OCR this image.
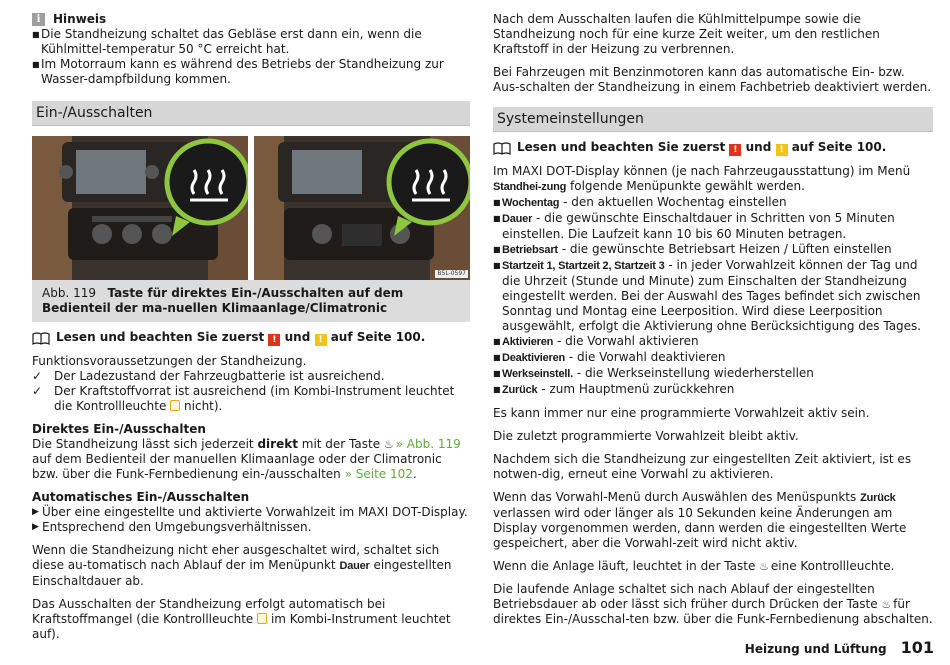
i	Hinweis
■ Die Standheizung schaltet das Gebläse erst dann ein, wenn die Kühlmittel-temperatur 50 °C erreicht hat.
■ Im Motorraum kann es während des Betriebs der Standheizung zur Wasser-dampfbildung kommen.
Ein-/Ausschalten
B5L-0597
Abb. 119 Taste für direktes Ein-/Ausschalten auf dem Bedienteil der ma-nuellen Klimaanlage/Climatronic
Lesen und beachten Sie zuerst ! und ! auf Seite 100.

Funktionsvoraussetzungen der Standheizung.

✓ Der Ladezustand der Fahrzeugbatterie ist ausreichend.
✓ Der Kraftstoffvorrat ist ausreichend (im Kombi-Instrument leuchtet die Kontrollleuchte nicht).
Direktes Ein-/Ausschalten

Die Standheizung lässt sich jederzeit direkt mit der Taste ♨ » Abb. 119 auf dem Bedienteil der manuellen Klimaanlage oder der Climatronic bzw. über die Funk-Fernbedienung ein-/ausschalten » Seite 102.

Automatisches Ein-/Ausschalten
▶ Über eine eingestellte und aktivierte Vorwahlzeit im MAXI DOT-Display.
▶ Entsprechend den Umgebungsverhältnissen.

Wenn die Standheizung nicht eher ausgeschaltet wird, schaltet sich diese au-tomatisch nach Ablauf der im Menüpunkt Dauer eingestellten Einschaltdauer ab.

Das Ausschalten der Standheizung erfolgt automatisch bei Kraftstoffmangel (die Kontrollleuchte im Kombi-Instrument leuchtet auf).

Nach dem Ausschalten laufen die Kühlmittelpumpe sowie die Standheizung noch für eine kurze Zeit weiter, um den restlichen Kraftstoff in der Heizung zu verbrennen.

Bei Fahrzeugen mit Benzinmotoren kann das automatische Ein- bzw. Aus-schalten der Standheizung in einem Fachbetrieb deaktiviert werden.

Systemeinstellungen
Lesen und beachten Sie zuerst ! und ! auf Seite 100.

Im MAXI DOT-Display können (je nach Fahrzeugausstattung) im Menü Standhei-zung folgende Menüpunkte gewählt werden.

■ Wochentag - den aktuellen Wochentag einstellen
■ Dauer - die gewünschte Einschaltdauer in Schritten von 5 Minuten einstellen. Die Laufzeit kann 10 bis 60 Minuten betragen.
■ Betriebsart - die gewünschte Betriebsart Heizen / Lüften einstellen
■ Startzeit 1, Startzeit 2, Startzeit 3 - in jeder Vorwahlzeit können der Tag und die Uhrzeit (Stunde und Minute) zum Einschalten der Standheizung eingestellt werden. Bei der Auswahl des Tages befindet sich zwischen Sonntag und Montag eine Leerposition. Wird diese Leerposition ausgewählt, erfolgt die Aktivierung ohne Berücksichtigung des Tages.
■ Aktivieren - die Vorwahl aktivieren
■ Deaktivieren - die Vorwahl deaktivieren
■ Werkseinstell. - die Werkseinstellung wiederherstellen
■ Zurück - zum Hauptmenü zurückkehren

Es kann immer nur eine programmierte Vorwahlzeit aktiv sein.

Die zuletzt programmierte Vorwahlzeit bleibt aktiv.

Nachdem sich die Standheizung zur eingestellten Zeit aktiviert, ist es notwen-dig, erneut eine Vorwahl zu aktivieren.

Wenn das Vorwahl-Menü durch Auswählen des Menüspunkts Zurück verlassen wird oder länger als 10 Sekunden keine Änderungen am Display vorgenommen werden, dann werden die eingestellten Werte gespeichert, aber die Vorwahl-zeit wird nicht aktiv.

Wenn die Anlage läuft, leuchtet in der Taste ♨ eine Kontrollleuchte.

Die laufende Anlage schaltet sich nach Ablauf der eingestellten Betriebsdauer ab oder lässt sich früher durch Drücken der Taste ♨ für direktes Ein-/Ausschal-ten bzw. über die Funk-Fernbedienung abschalten.

Heizung und Lüftung 101
